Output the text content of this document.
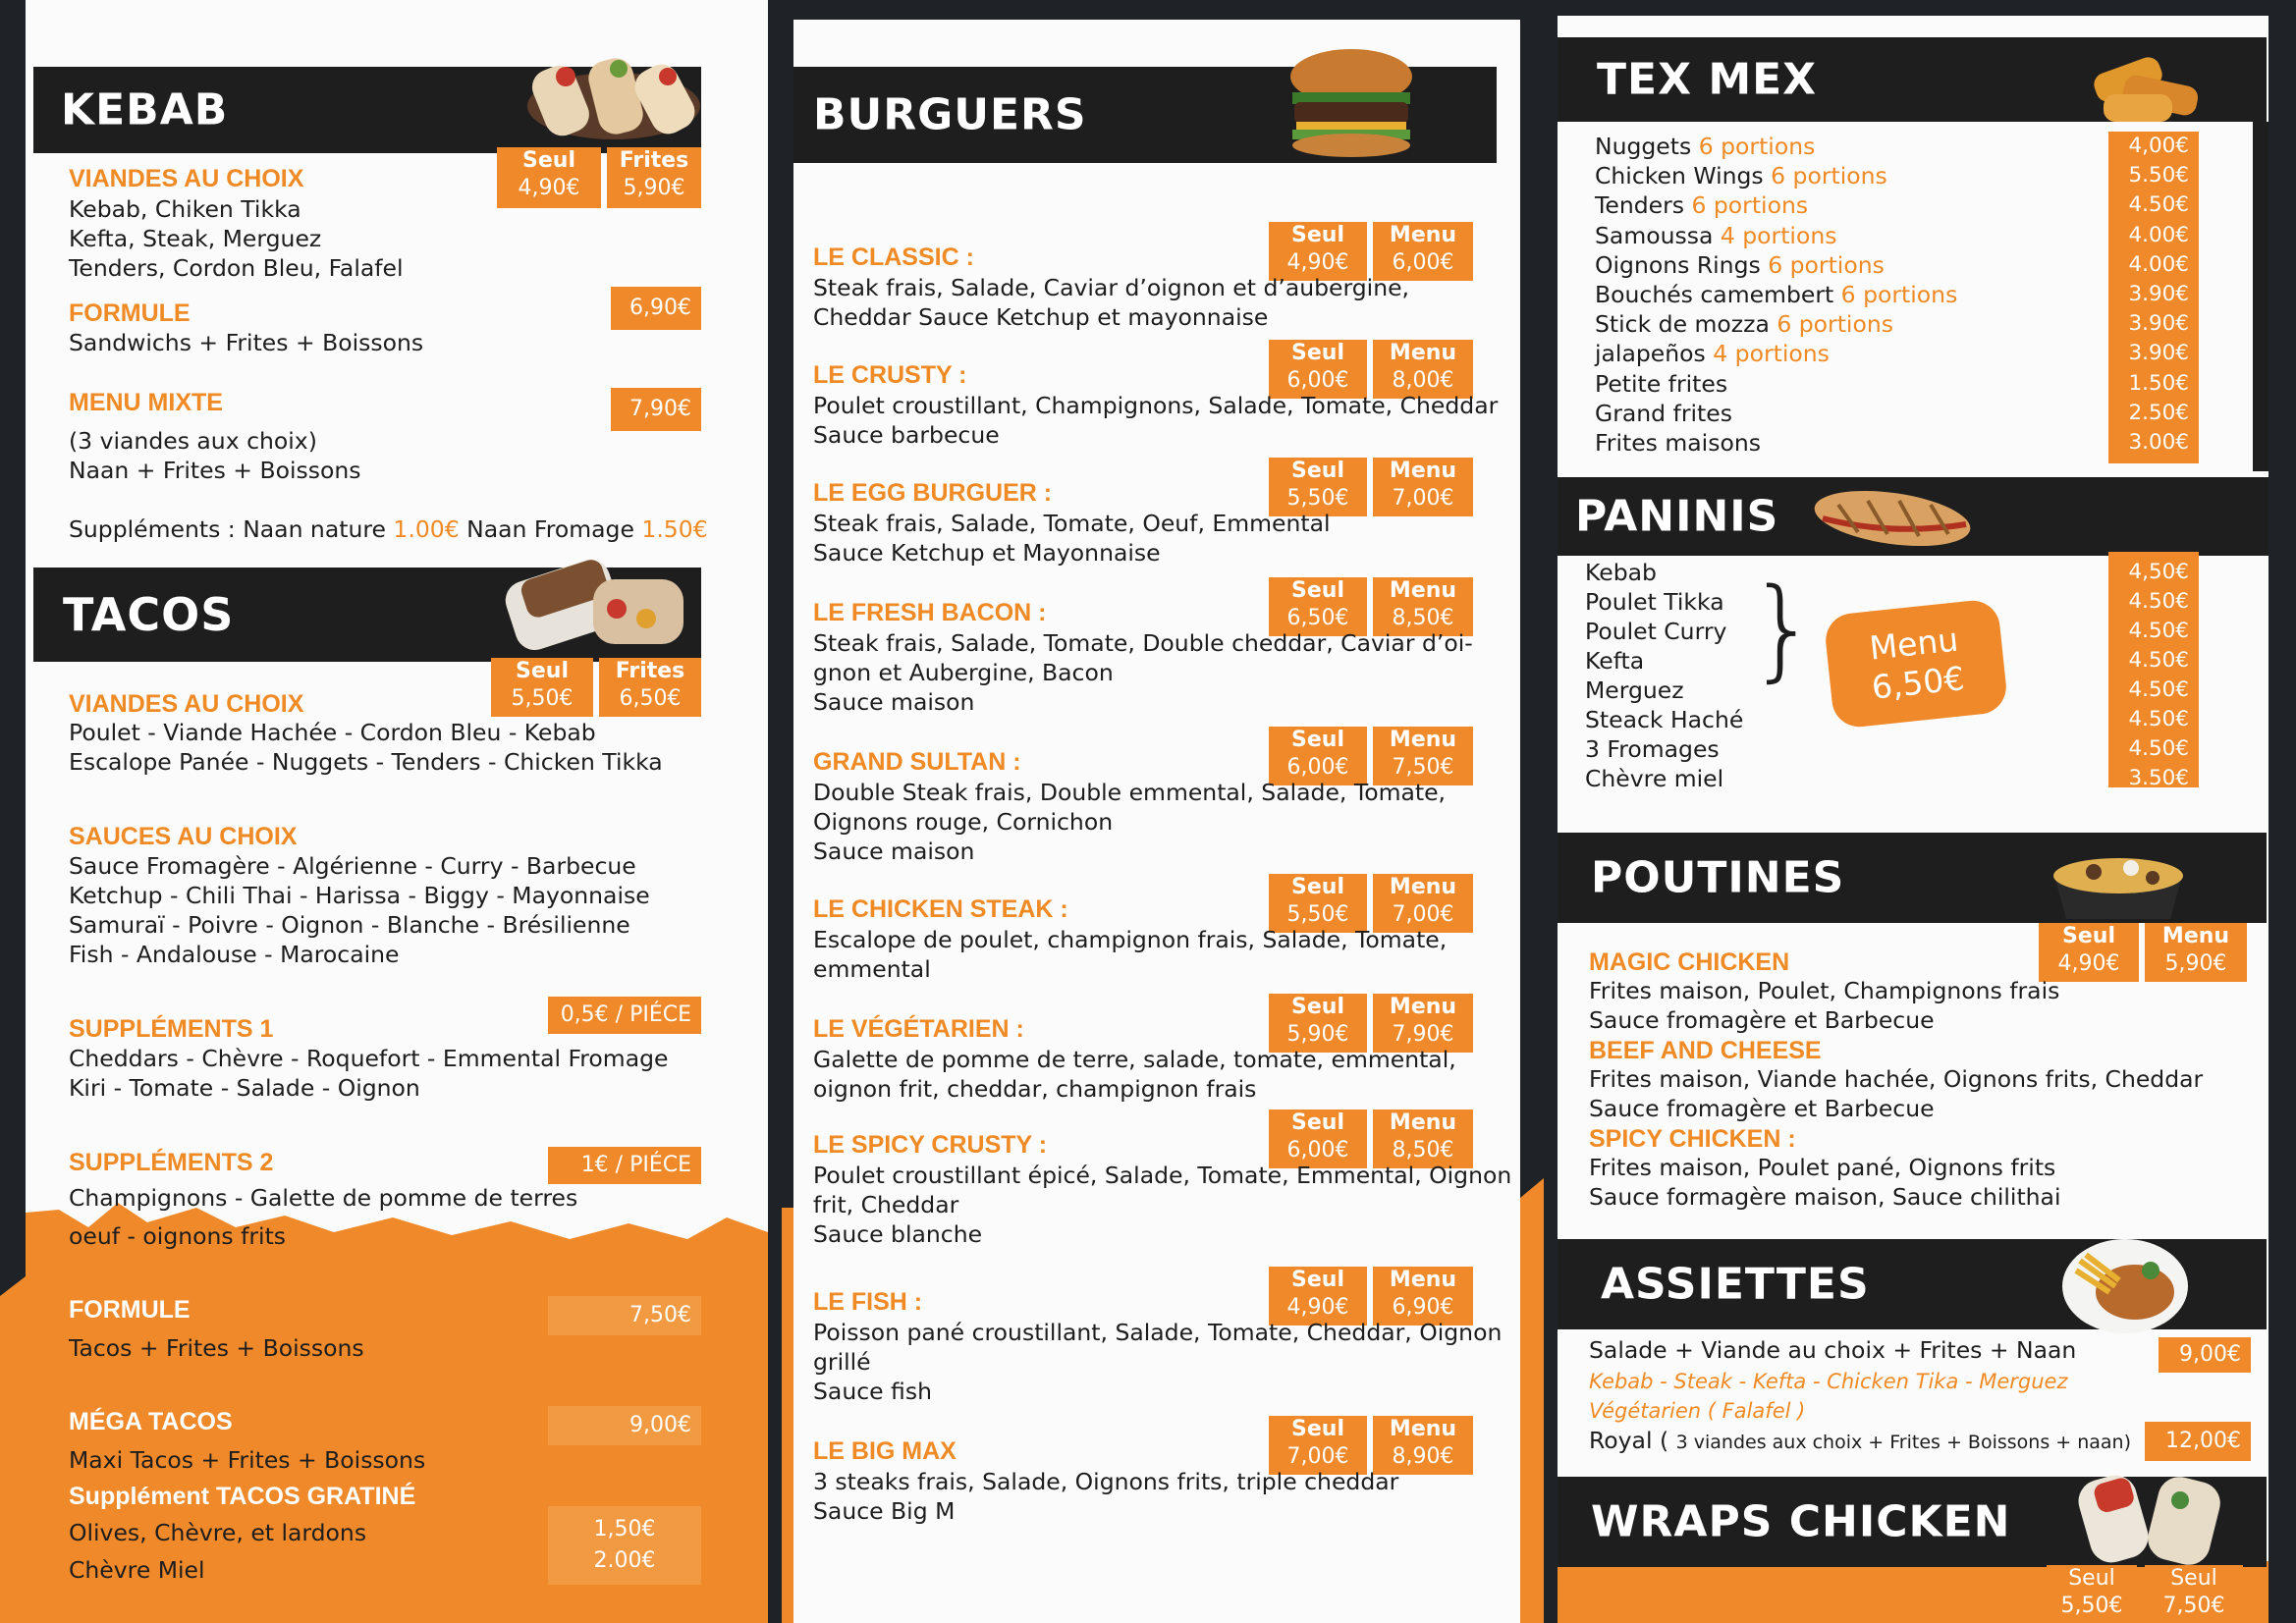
KEBAB
Seul
4,90€
Frites
5,90€
VIANDES AU CHOIX
Kebab, Chiken Tikka
Kefta, Steak, Merguez
Tenders, Cordon Bleu, Falafel
FORMULE	6,90€
Sandwichs + Frites + Boissons
MENU MIXTE	7,90€
(3 viandes aux choix)
Naan + Frites + Boissons
Suppléments : Naan nature 1.00€ Naan Fromage 1.50€
TACOS
Seul
5,50€
Frites
6,50€
VIANDES AU CHOIX
Poulet - Viande Hachée - Cordon Bleu - Kebab
Escalope Panée - Nuggets - Tenders - Chicken Tikka
SAUCES AU CHOIX
Sauce Fromagère - Algérienne - Curry - Barbecue
Ketchup - Chili Thai - Harissa - Biggy - Mayonnaise
Samuraï - Poivre - Oignon - Blanche - Brésilienne
Fish - Andalouse - Marocaine
SUPPLÉMENTS 1
0,5€ / PIÉCE
Cheddars - Chèvre - Roquefort - Emmental Fromage
Kiri - Tomate - Salade - Oignon
SUPPLÉMENTS 2	1€ / PIÉCE
Champignons - Galette de pomme de terres
oeuf - oignons frits
FORMULE	7,50€
Tacos + Frites + Boissons
MÉGA TACOS	9,00€
Maxi Tacos + Frites + Boissons
Supplément TACOS GRATINÉ
Olives, Chèvre, et lardons
Chèvre Miel
1,50€
2.00€
BURGUERS
Seul
4,90€
Menu
6,00€
LE CLASSIC :
Steak frais, Salade, Caviar d’oignon et d’aubergine,
Cheddar Sauce Ketchup et mayonnaise
Seul
6,00€
Menu
8,00€
LE CRUSTY :
Poulet croustillant, Champignons, Salade, Tomate, Cheddar
Sauce barbecue
Seul
5,50€
Menu
7,00€
LE EGG BURGUER :
Steak frais, Salade, Tomate, Oeuf, Emmental
Sauce Ketchup et Mayonnaise
Seul
6,50€
Menu
8,50€
LE FRESH BACON :
Steak frais, Salade, Tomate, Double cheddar, Caviar d’oi-
gnon et Aubergine, Bacon
Sauce maison
Seul
6,00€
Menu
7,50€
GRAND SULTAN :
Double Steak frais, Double emmental, Salade, Tomate,
Oignons rouge, Cornichon
Sauce maison
Seul
5,50€
Menu
7,00€
LE CHICKEN STEAK :
Escalope de poulet, champignon frais, Salade, Tomate,
emmental
Seul
5,90€
Menu
7,90€
LE VÉGÉTARIEN :
Galette de pomme de terre, salade, tomate, emmental,
oignon frit, cheddar, champignon frais
Seul
6,00€
Menu
8,50€
LE SPICY CRUSTY :
Poulet croustillant épicé, Salade, Tomate, Emmental, Oignon
frit, Cheddar
Sauce blanche
Seul
4,90€
Menu
6,90€
LE FISH :
Poisson pané croustillant, Salade, Tomate, Cheddar, Oignon
grillé
Sauce fish
Seul
7,00€
Menu
8,90€
LE BIG MAX
3 steaks frais, Salade, Oignons frits, triple cheddar
Sauce Big M
TEX MEX
Nuggets 6 portions	4,00€
Chicken Wings 6 portions	5.50€
Tenders 6 portions	4.50€
Samoussa 4 portions	4.00€
Oignons Rings 6 portions	4.00€
Bouchés camembert 6 portions	3.90€
Stick de mozza 6 portions	3.90€
jalapeños 4 portions	3.90€
Petite frites	1.50€
Grand frites	2.50€
Frites maisons	3.00€
PANINIS
Kebab	4,50€
Poulet Tikka	4.50€
Poulet Curry	4.50€
Kefta	4.50€
Merguez	4.50€
Steack Haché	4.50€
3 Fromages	4.50€
Chèvre miel	3.50€
}	Menu
6,50€
POUTINES
Seul
4,90€
Menu
5,90€
MAGIC CHICKEN
Frites maison, Poulet, Champignons frais
Sauce fromagère et Barbecue
BEEF AND CHEESE
Frites maison, Viande hachée, Oignons frits, Cheddar
Sauce fromagère et Barbecue
SPICY CHICKEN :
Frites maison, Poulet pané, Oignons frits
Sauce formagère maison, Sauce chilithai
ASSIETTES
Salade + Viande au choix + Frites + Naan	9,00€
Kebab - Steak - Kefta - Chicken Tika - Merguez
Végétarien ( Falafel )
Royal ( 3 viandes aux choix + Frites + Boissons + naan)	12,00€
WRAPS CHICKEN
Seul
5,50€
Seul
7,50€
